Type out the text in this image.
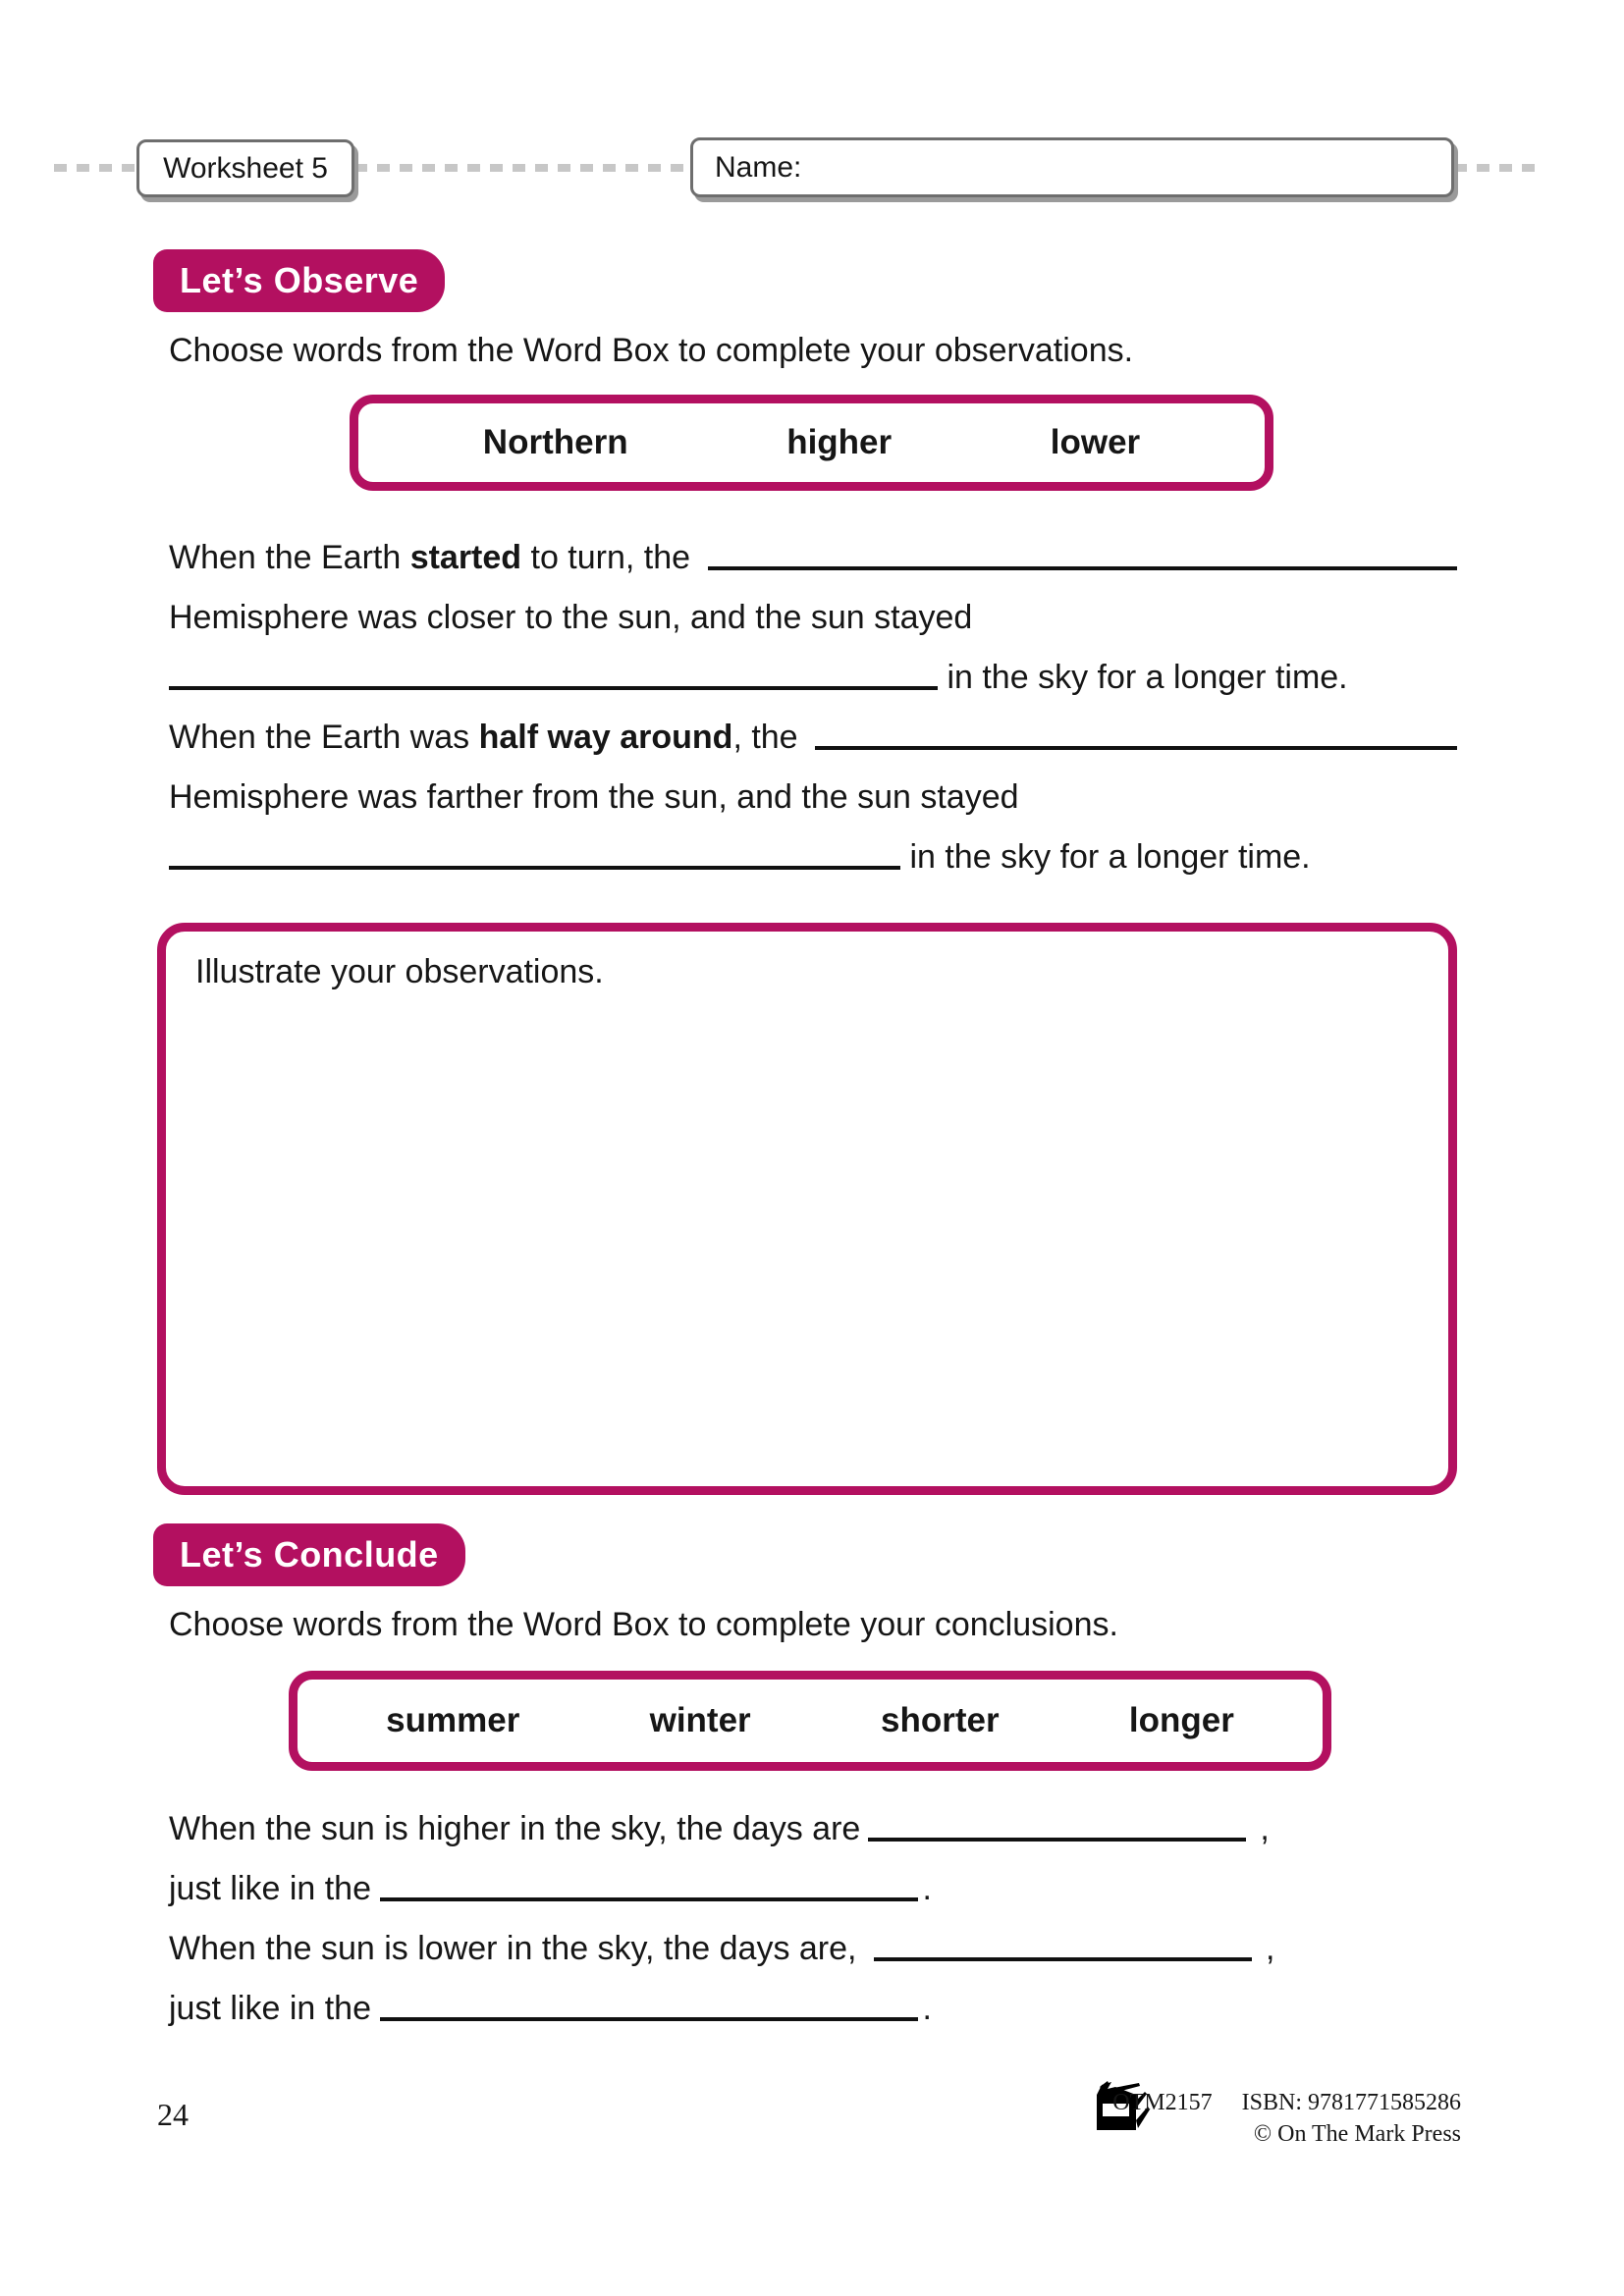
Worksheet 5	Name:
Let’s Observe
Choose words from the Word Box to complete your observations.
Northern	higher	lower
When the Earth started to turn, the
Hemisphere was closer to the sun, and the sun stayed
in the sky for a longer time.
When the Earth was half way around , the
Hemisphere was farther from the sun, and the sun stayed
in the sky for a longer time.
Illustrate your observations.
Let’s Conclude
Choose words from the Word Box to complete your conclusions.
summer	winter	shorter	longer
When the sun is higher in the sky, the days are	,
just like in the	.
When the sun is lower in the sky, the days are,	,
just like in the	.
24	OTM2157 ISBN: 9781771585286
© On The Mark Press
